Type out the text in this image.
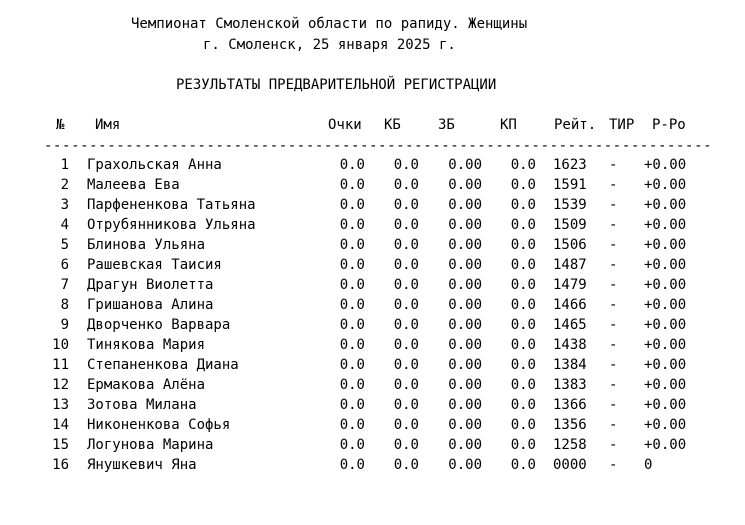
Чемпионат Смоленской области по рапиду. Женщины
г. Смоленск, 25 января 2025 г.
РЕЗУЛЬТАТЫ ПРЕДВАРИТЕЛЬНОЙ РЕГИСТРАЦИИ
№ Имя	Очки КБ	ЗБ	КП	Рейт. ТИР Р-Ро
--------------------------------------------------------------------------
1 Грахольская Анна	0.0 0.0 0.00 0.0 1623 - +0.00
2 Малеева Ева	0.0 0.0 0.00 0.0 1591 - +0.00
3 Парфененкова Татьяна	0.0 0.0 0.00 0.0 1539 - +0.00
4 Отрубянникова Ульяна	0.0 0.0 0.00 0.0 1509 - +0.00
5 Блинова Ульяна	0.0 0.0 0.00 0.0 1506 - +0.00
6 Рашевская Таисия	0.0 0.0 0.00 0.0 1487 - +0.00
7 Драгун Виолетта	0.0 0.0 0.00 0.0 1479 - +0.00
8 Гришанова Алина	0.0 0.0 0.00 0.0 1466 - +0.00
9 Дворченко Варвара	0.0 0.0 0.00 0.0 1465 - +0.00
10 Тинякова Мария	0.0 0.0 0.00 0.0 1438 - +0.00
11 Степаненкова Диана	0.0 0.0 0.00 0.0 1384 - +0.00
12 Ермакова Алёна	0.0 0.0 0.00 0.0 1383 - +0.00
13 Зотова Милана	0.0 0.0 0.00 0.0 1366 - +0.00
14 Никоненкова Софья	0.0 0.0 0.00 0.0 1356 - +0.00
15 Логунова Марина	0.0 0.0 0.00 0.0 1258 - +0.00
16 Янушкевич Яна	0.0 0.0 0.00 0.0 0000 - 0
